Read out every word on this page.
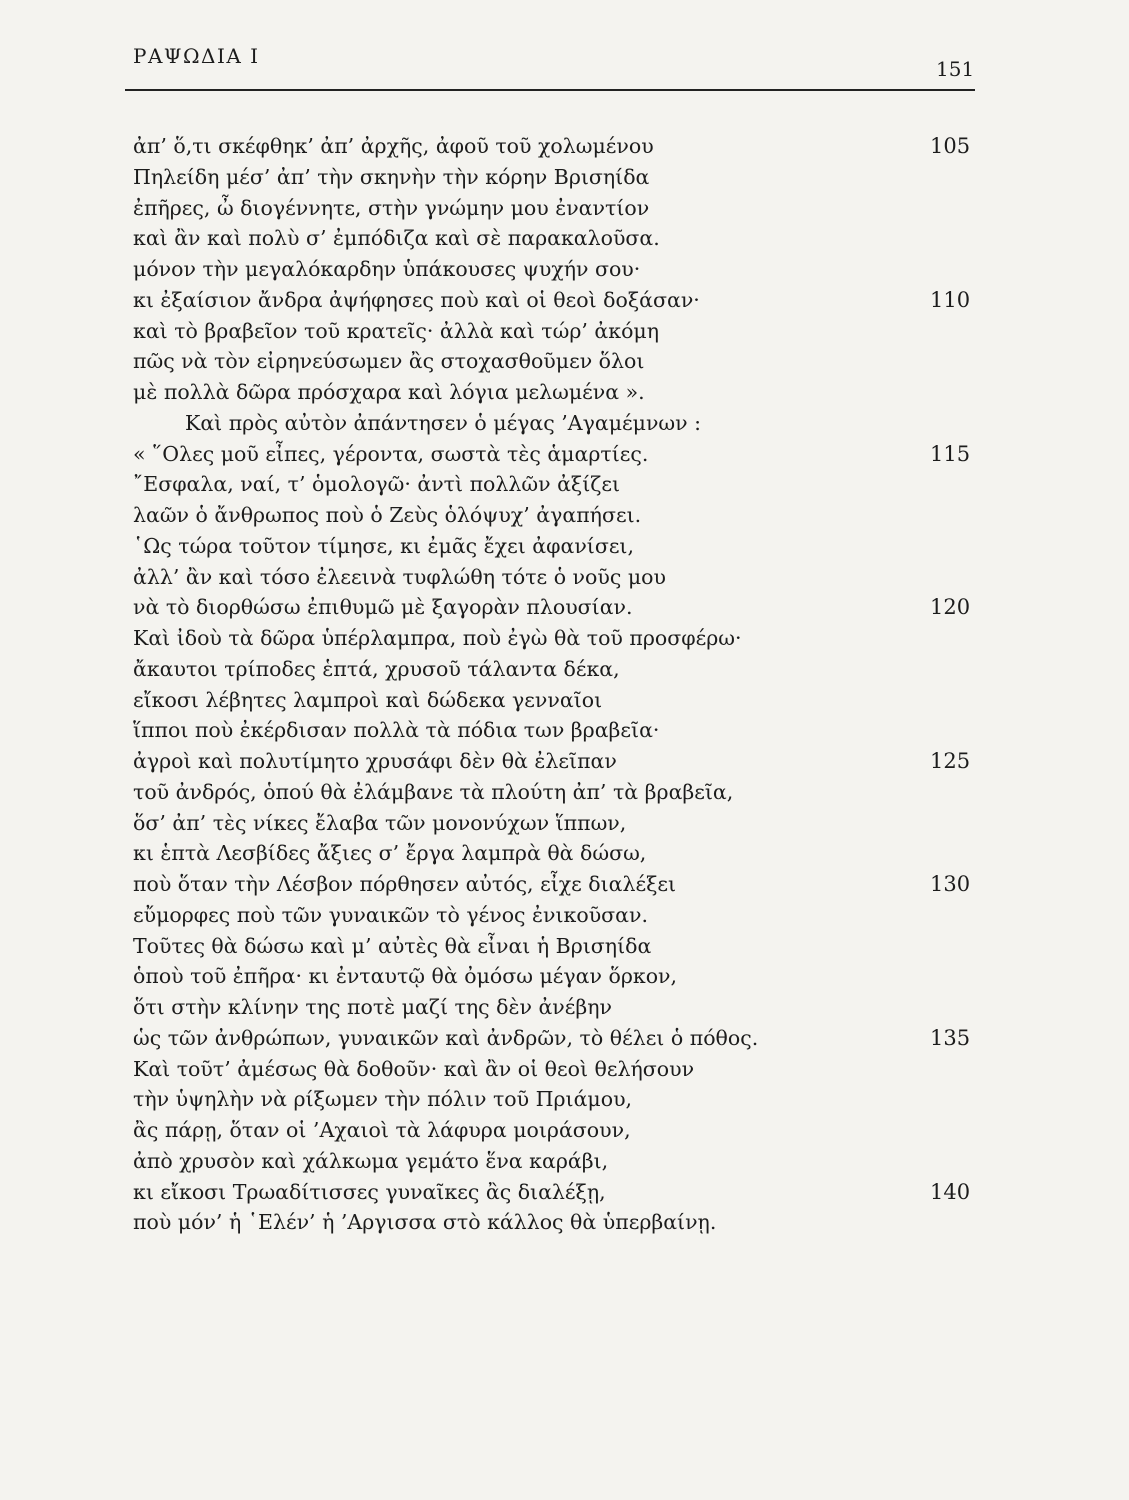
ΡΑΨΩΔΙΑ Ι
151
ἀπ’ ὅ,τι σκέφθηκ’ ἀπ’ ἀρχῆς, ἀφοῦ τοῦ χολωμένου	105
Πηλείδη μέσ’ ἀπ’ τὴν σκηνὴν τὴν κόρην Βρισηίδα
ἐπῆρες, ὦ διογέννητε, στὴν γνώμην μου ἐναντίον
καὶ ἂν καὶ πολὺ σ’ ἐμπόδιζα καὶ σὲ παρακαλοῦσα.
μόνον τὴν μεγαλόκαρδην ὑπάκουσες ψυχήν σου·
κι ἐξαίσιον ἄνδρα ἀψήφησες ποὺ καὶ οἱ θεοὶ δοξάσαν·	110
καὶ τὸ βραβεῖον τοῦ κρατεῖς· ἀλλὰ καὶ τώρ’ ἀκόμη
πῶς νὰ τὸν εἰρηνεύσωμεν ἂς στοχασθοῦμεν ὅλοι
μὲ πολλὰ δῶρα πρόσχαρα καὶ λόγια μελωμένα ».
Καὶ πρὸς αὐτὸν ἀπάντησεν ὁ μέγας ’Αγαμέμνων :
« ῞Ολες μοῦ εἶπες, γέροντα, σωστὰ τὲς ἁμαρτίες.	115
῎Εσφαλα, ναί, τ’ ὁμολογῶ· ἀντὶ πολλῶν ἀξίζει
λαῶν ὁ ἄνθρωπος ποὺ ὁ Ζεὺς ὁλόψυχ’ ἀγαπήσει.
῾Ως τώρα τοῦτον τίμησε, κι ἐμᾶς ἔχει ἀφανίσει,
ἀλλ’ ἂν καὶ τόσο ἐλεεινὰ τυφλώθη τότε ὁ νοῦς μου
νὰ τὸ διορθώσω ἐπιθυμῶ μὲ ξαγορὰν πλουσίαν.	120
Καὶ ἰδοὺ τὰ δῶρα ὑπέρλαμπρα, ποὺ ἐγὼ θὰ τοῦ προσφέρω·
ἄκαυτοι τρίποδες ἑπτά, χρυσοῦ τάλαντα δέκα,
εἴκοσι λέβητες λαμπροὶ καὶ δώδεκα γενναῖοι
ἵπποι ποὺ ἐκέρδισαν πολλὰ τὰ πόδια των βραβεῖα·
ἀγροὶ καὶ πολυτίμητο χρυσάφι δὲν θὰ ἐλεῖπαν	125
τοῦ ἀνδρός, ὁπού θὰ ἐλάμβανε τὰ πλούτη ἀπ’ τὰ βραβεῖα,
ὅσ’ ἀπ’ τὲς νίκες ἔλαβα τῶν μονονύχων ἵππων,
κι ἑπτὰ Λεσβίδες ἄξιες σ’ ἔργα λαμπρὰ θὰ δώσω,
ποὺ ὅταν τὴν Λέσβον πόρθησεν αὐτός, εἶχε διαλέξει	130
εὔμορφες ποὺ τῶν γυναικῶν τὸ γένος ἐνικοῦσαν.
Τοῦτες θὰ δώσω καὶ μ’ αὐτὲς θὰ εἶναι ἡ Βρισηίδα
ὁποὺ τοῦ ἐπῆρα· κι ἐνταυτῷ θὰ ὀμόσω μέγαν ὅρκον,
ὅτι στὴν κλίνην της ποτὲ μαζί της δὲν ἀνέβην
ὡς τῶν ἀνθρώπων, γυναικῶν καὶ ἀνδρῶν, τὸ θέλει ὁ πόθος.	135
Καὶ τοῦτ’ ἀμέσως θὰ δοθοῦν· καὶ ἂν οἱ θεοὶ θελήσουν
τὴν ὑψηλὴν νὰ ρίξωμεν τὴν πόλιν τοῦ Πριάμου,
ἂς πάρῃ, ὅταν οἱ ’Αχαιοὶ τὰ λάφυρα μοιράσουν,
ἀπὸ χρυσὸν καὶ χάλκωμα γεμάτο ἕνα καράβι,
κι εἴκοσι Τρωαδίτισσες γυναῖκες ἂς διαλέξῃ,	140
ποὺ μόν’ ἡ ῾Ελέν’ ἡ ’Αργισσα στὸ κάλλος θὰ ὑπερβαίνῃ.
